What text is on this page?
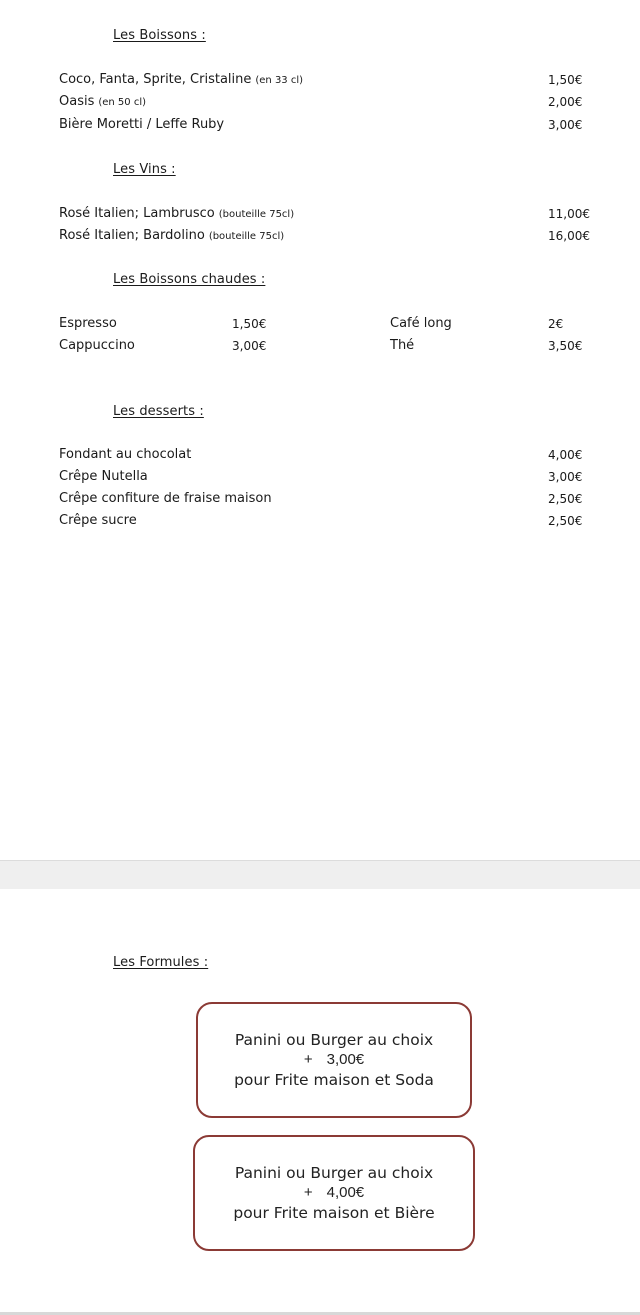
Les Boissons :
Coco, Fanta, Sprite, Cristaline (en 33 cl)	1,50€
Oasis (en 50 cl)	2,00€
Bière Moretti / Leffe Ruby	3,00€
Les Vins :
Rosé Italien; Lambrusco (bouteille 75cl)	11,00€
Rosé Italien; Bardolino (bouteille 75cl)	16,00€
Les Boissons chaudes :
Espresso	1,50€	Café long	2€
Cappuccino	3,00€	Thé	3,50€
Les desserts :
Fondant au chocolat	4,00€
Crêpe Nutella	3,00€
Crêpe confiture de fraise maison	2,50€
Crêpe sucre	2,50€
Les Formules :
Panini ou Burger au choix
+ 3,00€
pour Frite maison et Soda
Panini ou Burger au choix
+ 4,00€
pour Frite maison et Bière
